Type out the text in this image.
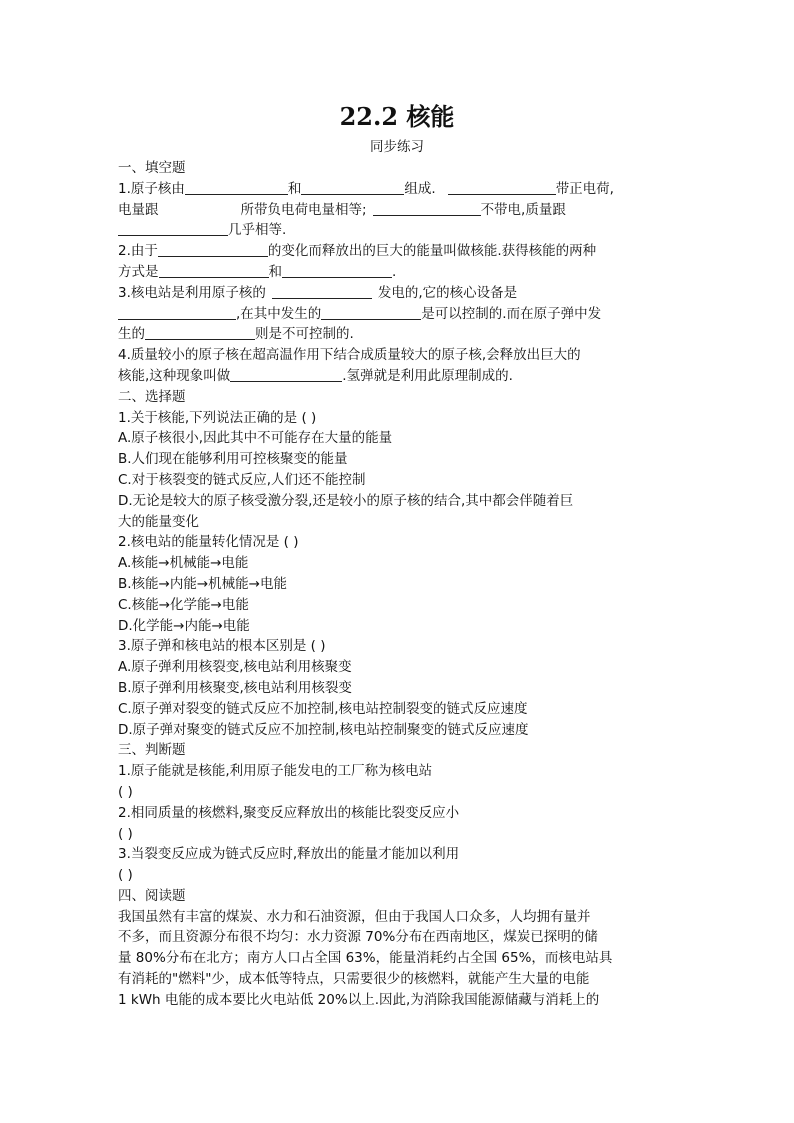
22.2 核能
同步练习
一、填空题
1.原子核由	和	组成.	带正电荷,
电量跟	所带负电荷电量相等;	不带电,质量跟
几乎相等.
2.由于	的变化而释放出的巨大的能量叫做核能.获得核能的两种
方式是	和	.
3.核电站是利用原子核的	发电的,它的核心设备是
,在其中发生的	是可以控制的.而在原子弹中发
生的	则是不可控制的.
4.质量较小的原子核在超高温作用下结合成质量较大的原子核,会释放出巨大的
核能,这种现象叫做	.氢弹就是利用此原理制成的.
二、选择题
1.关于核能,下列说法正确的是 ( )
A.原子核很小,因此其中不可能存在大量的能量
B.人们现在能够利用可控核聚变的能量
C.对于核裂变的链式反应,人们还不能控制
D.无论是较大的原子核受激分裂,还是较小的原子核的结合,其中都会伴随着巨
大的能量变化
2.核电站的能量转化情况是 ( )
A.核能→机械能→电能
B.核能→内能→机械能→电能
C.核能→化学能→电能
D.化学能→内能→电能
3.原子弹和核电站的根本区别是 ( )
A.原子弹利用核裂变,核电站利用核聚变
B.原子弹利用核聚变,核电站利用核裂变
C.原子弹对裂变的链式反应不加控制,核电站控制裂变的链式反应速度
D.原子弹对聚变的链式反应不加控制,核电站控制聚变的链式反应速度
三、判断题
1.原子能就是核能,利用原子能发电的工厂称为核电站
( )
2.相同质量的核燃料,聚变反应释放出的核能比裂变反应小
( )
3.当裂变反应成为链式反应时,释放出的能量才能加以利用
( )
四、阅读题
我国虽然有丰富的煤炭、水力和石油资源，但由于我国人口众多，人均拥有量并
不多，而且资源分布很不均匀：水力资源 70%分布在西南地区，煤炭已探明的储
量 80%分布在北方；南方人口占全国 63%，能量消耗约占全国 65%，而核电站具
有消耗的"燃料"少，成本低等特点，只需要很少的核燃料，就能产生大量的电能
1 kWh 电能的成本要比火电站低 20%以上.因此,为消除我国能源储藏与消耗上的
